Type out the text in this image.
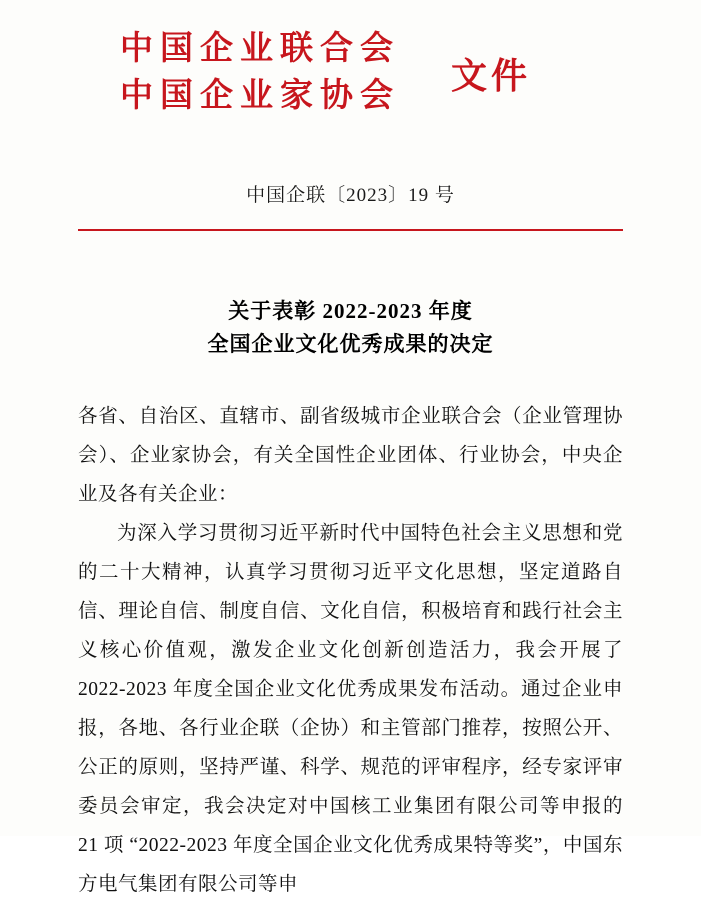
中国企业联合会
中国企业家协会	文件
中国企联〔2023〕19 号
关于表彰 2022-2023 年度
全国企业文化优秀成果的决定

各省、自治区、直辖市、副省级城市企业联合会（企业管理协会）、企业家协会，有关全国性企业团体、行业协会，中央企业及各有关企业：

为深入学习贯彻习近平新时代中国特色社会主义思想和党的二十大精神，认真学习贯彻习近平文化思想，坚定道路自信、理论自信、制度自信、文化自信，积极培育和践行社会主义核心价值观，激发企业文化创新创造活力，我会开展了 2022-2023 年度全国企业文化优秀成果发布活动。通过企业申报，各地、各行业企联（企协）和主管部门推荐，按照公开、公正的原则，坚持严谨、科学、规范的评审程序，经专家评审委员会审定，我会决定对中国核工业集团有限公司等申报的 21 项 “2022-2023 年度全国企业文化优秀成果特等奖”，中国东方电气集团有限公司等申
